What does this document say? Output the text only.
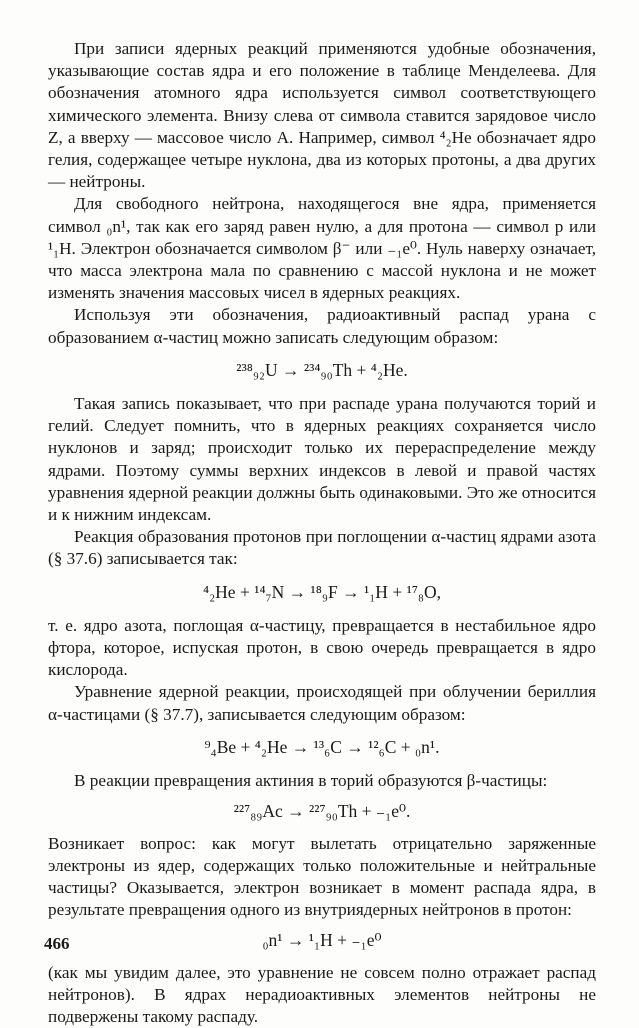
При записи ядерных реакций применяются удобные обозначения, указывающие состав ядра и его положение в таблице Менделеева. Для обозначения атомного ядра используется символ соответствующего химического элемента. Внизу слева от символа ставится зарядовое число Z, а вверху — массовое число A. Например, символ ⁴₂He обозначает ядро гелия, содержащее четыре нуклона, два из которых протоны, а два других — нейтроны.

Для свободного нейтрона, находящегося вне ядра, применяется символ ₀n¹, так как его заряд равен нулю, а для протона — символ p или ¹₁H. Электрон обозначается символом β⁻ или ₋₁e⁰. Нуль наверху означает, что масса электрона мала по сравнению с массой нуклона и не может изменять значения массовых чисел в ядерных реакциях.

Используя эти обозначения, радиоактивный распад урана с образованием α-частиц можно записать следующим образом:

²³⁸₉₂U → ²³⁴₉₀Th + ⁴₂He.

Такая запись показывает, что при распаде урана получаются торий и гелий. Следует помнить, что в ядерных реакциях сохраняется число нуклонов и заряд; происходит только их перераспределение между ядрами. Поэтому суммы верхних индексов в левой и правой частях уравнения ядерной реакции должны быть одинаковыми. Это же относится и к нижним индексам.

Реакция образования протонов при поглощении α-частиц ядрами азота (§ 37.6) записывается так:

⁴₂He + ¹⁴₇N → ¹⁸₉F → ¹₁H + ¹⁷₈O,

т. е. ядро азота, поглощая α-частицу, превращается в нестабильное ядро фтора, которое, испуская протон, в свою очередь превращается в ядро кислорода.

Уравнение ядерной реакции, происходящей при облучении бериллия α-частицами (§ 37.7), записывается следующим образом:

⁹₄Be + ⁴₂He → ¹³₆C → ¹²₆C + ₀n¹.

В реакции превращения актиния в торий образуются β-частицы:

²²⁷₈₉Ac → ²²⁷₉₀Th + ₋₁e⁰.

Возникает вопрос: как могут вылетать отрицательно заряженные электроны из ядер, содержащих только положительные и нейтральные частицы? Оказывается, электрон возникает в момент распада ядра, в результате превращения одного из внутриядерных нейтронов в протон:

₀n¹ → ¹₁H + ₋₁e⁰

(как мы увидим далее, это уравнение не совсем полно отражает распад нейтронов). В ядрах нерадиоактивных элементов нейтроны не подвержены такому распаду.

466
